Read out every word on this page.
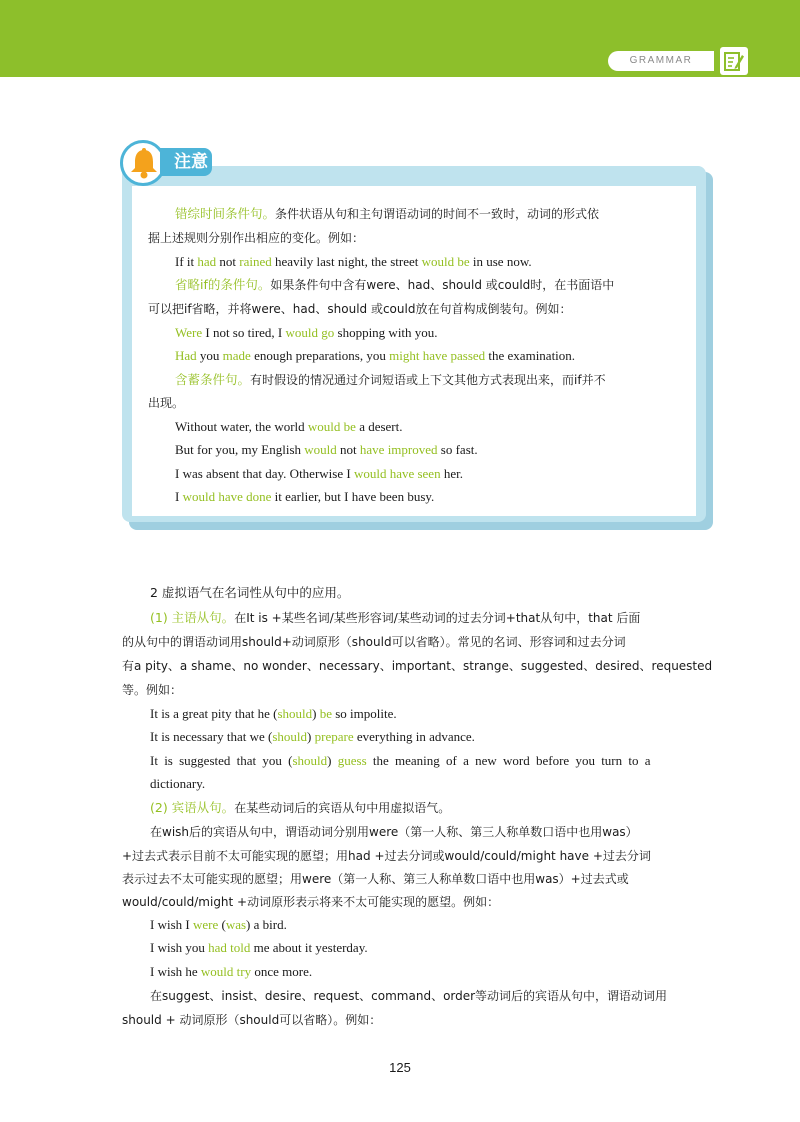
GRAMMAR
注意
错综时间条件句。条件状语从句和主句谓语动词的时间不一致时，动词的形式依
据上述规则分别作出相应的变化。例如：
If it had not rained heavily last night, the street would be in use now.
省略if的条件句。如果条件句中含有were、had、should 或could时，在书面语中
可以把if省略，并将were、had、should 或could放在句首构成倒装句。例如：
Were I not so tired, I would go shopping with you.
Had you made enough preparations, you might have passed the examination.
含蓄条件句。有时假设的情况通过介词短语或上下文其他方式表现出来，而if并不
出现。
Without water, the world would be a desert.
But for you, my English would not have improved so fast.
I was absent that day. Otherwise I would have seen her.
I would have done it earlier, but I have been busy.
2 虚拟语气在名词性从句中的应用。
(1) 主语从句。在It is +某些名词/某些形容词/某些动词的过去分词+that从句中，that 后面
的从句中的谓语动词用should+动词原形（should可以省略）。常见的名词、形容词和过去分词
有a pity、a shame、no wonder、necessary、important、strange、suggested、desired、requested
等。例如：
It is a great pity that he (should) be so impolite.
It is necessary that we (should) prepare everything in advance.
It is suggested that you (should) guess the meaning of a new word before you turn to a
dictionary.
(2) 宾语从句。在某些动词后的宾语从句中用虚拟语气。
在wish后的宾语从句中，谓语动词分别用were（第一人称、第三人称单数口语中也用was）
+过去式表示目前不太可能实现的愿望；用had +过去分词或would/could/might have +过去分词
表示过去不太可能实现的愿望；用were（第一人称、第三人称单数口语中也用was）+过去式或
would/could/might +动词原形表示将来不太可能实现的愿望。例如：
I wish I were (was) a bird.
I wish you had told me about it yesterday.
I wish he would try once more.
在suggest、insist、desire、request、command、order等动词后的宾语从句中，谓语动词用
should + 动词原形（should可以省略）。例如：
125
